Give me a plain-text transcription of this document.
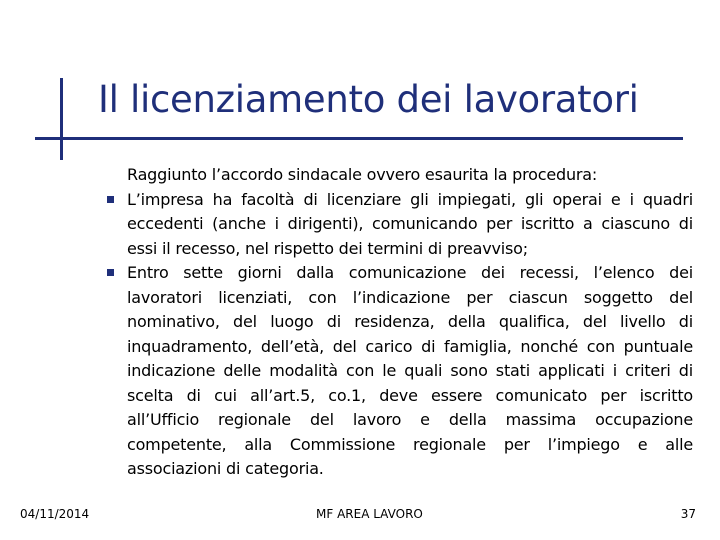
Il licenziamento dei lavoratori

Raggiunto l’accordo sindacale ovvero esaurita la procedura:

L’impresa ha facoltà di licenziare gli impiegati, gli operai e i quadri eccedenti (anche i dirigenti), comunicando per iscritto a ciascuno di essi il recesso, nel rispetto dei termini di preavviso;
Entro sette giorni dalla comunicazione dei recessi, l’elenco dei lavoratori licenziati, con l’indicazione per ciascun soggetto del nominativo, del luogo di residenza, della qualifica, del livello di inquadramento, dell’età, del carico di famiglia, nonché con puntuale indicazione delle modalità con le quali sono stati applicati i criteri di scelta di cui all’art.5, co.1, deve essere comunicato per iscritto all’Ufficio regionale del lavoro e della massima occupazione competente, alla Commissione regionale per l’impiego e alle associazioni di categoria.
04/11/2014	MF AREA LAVORO	37
